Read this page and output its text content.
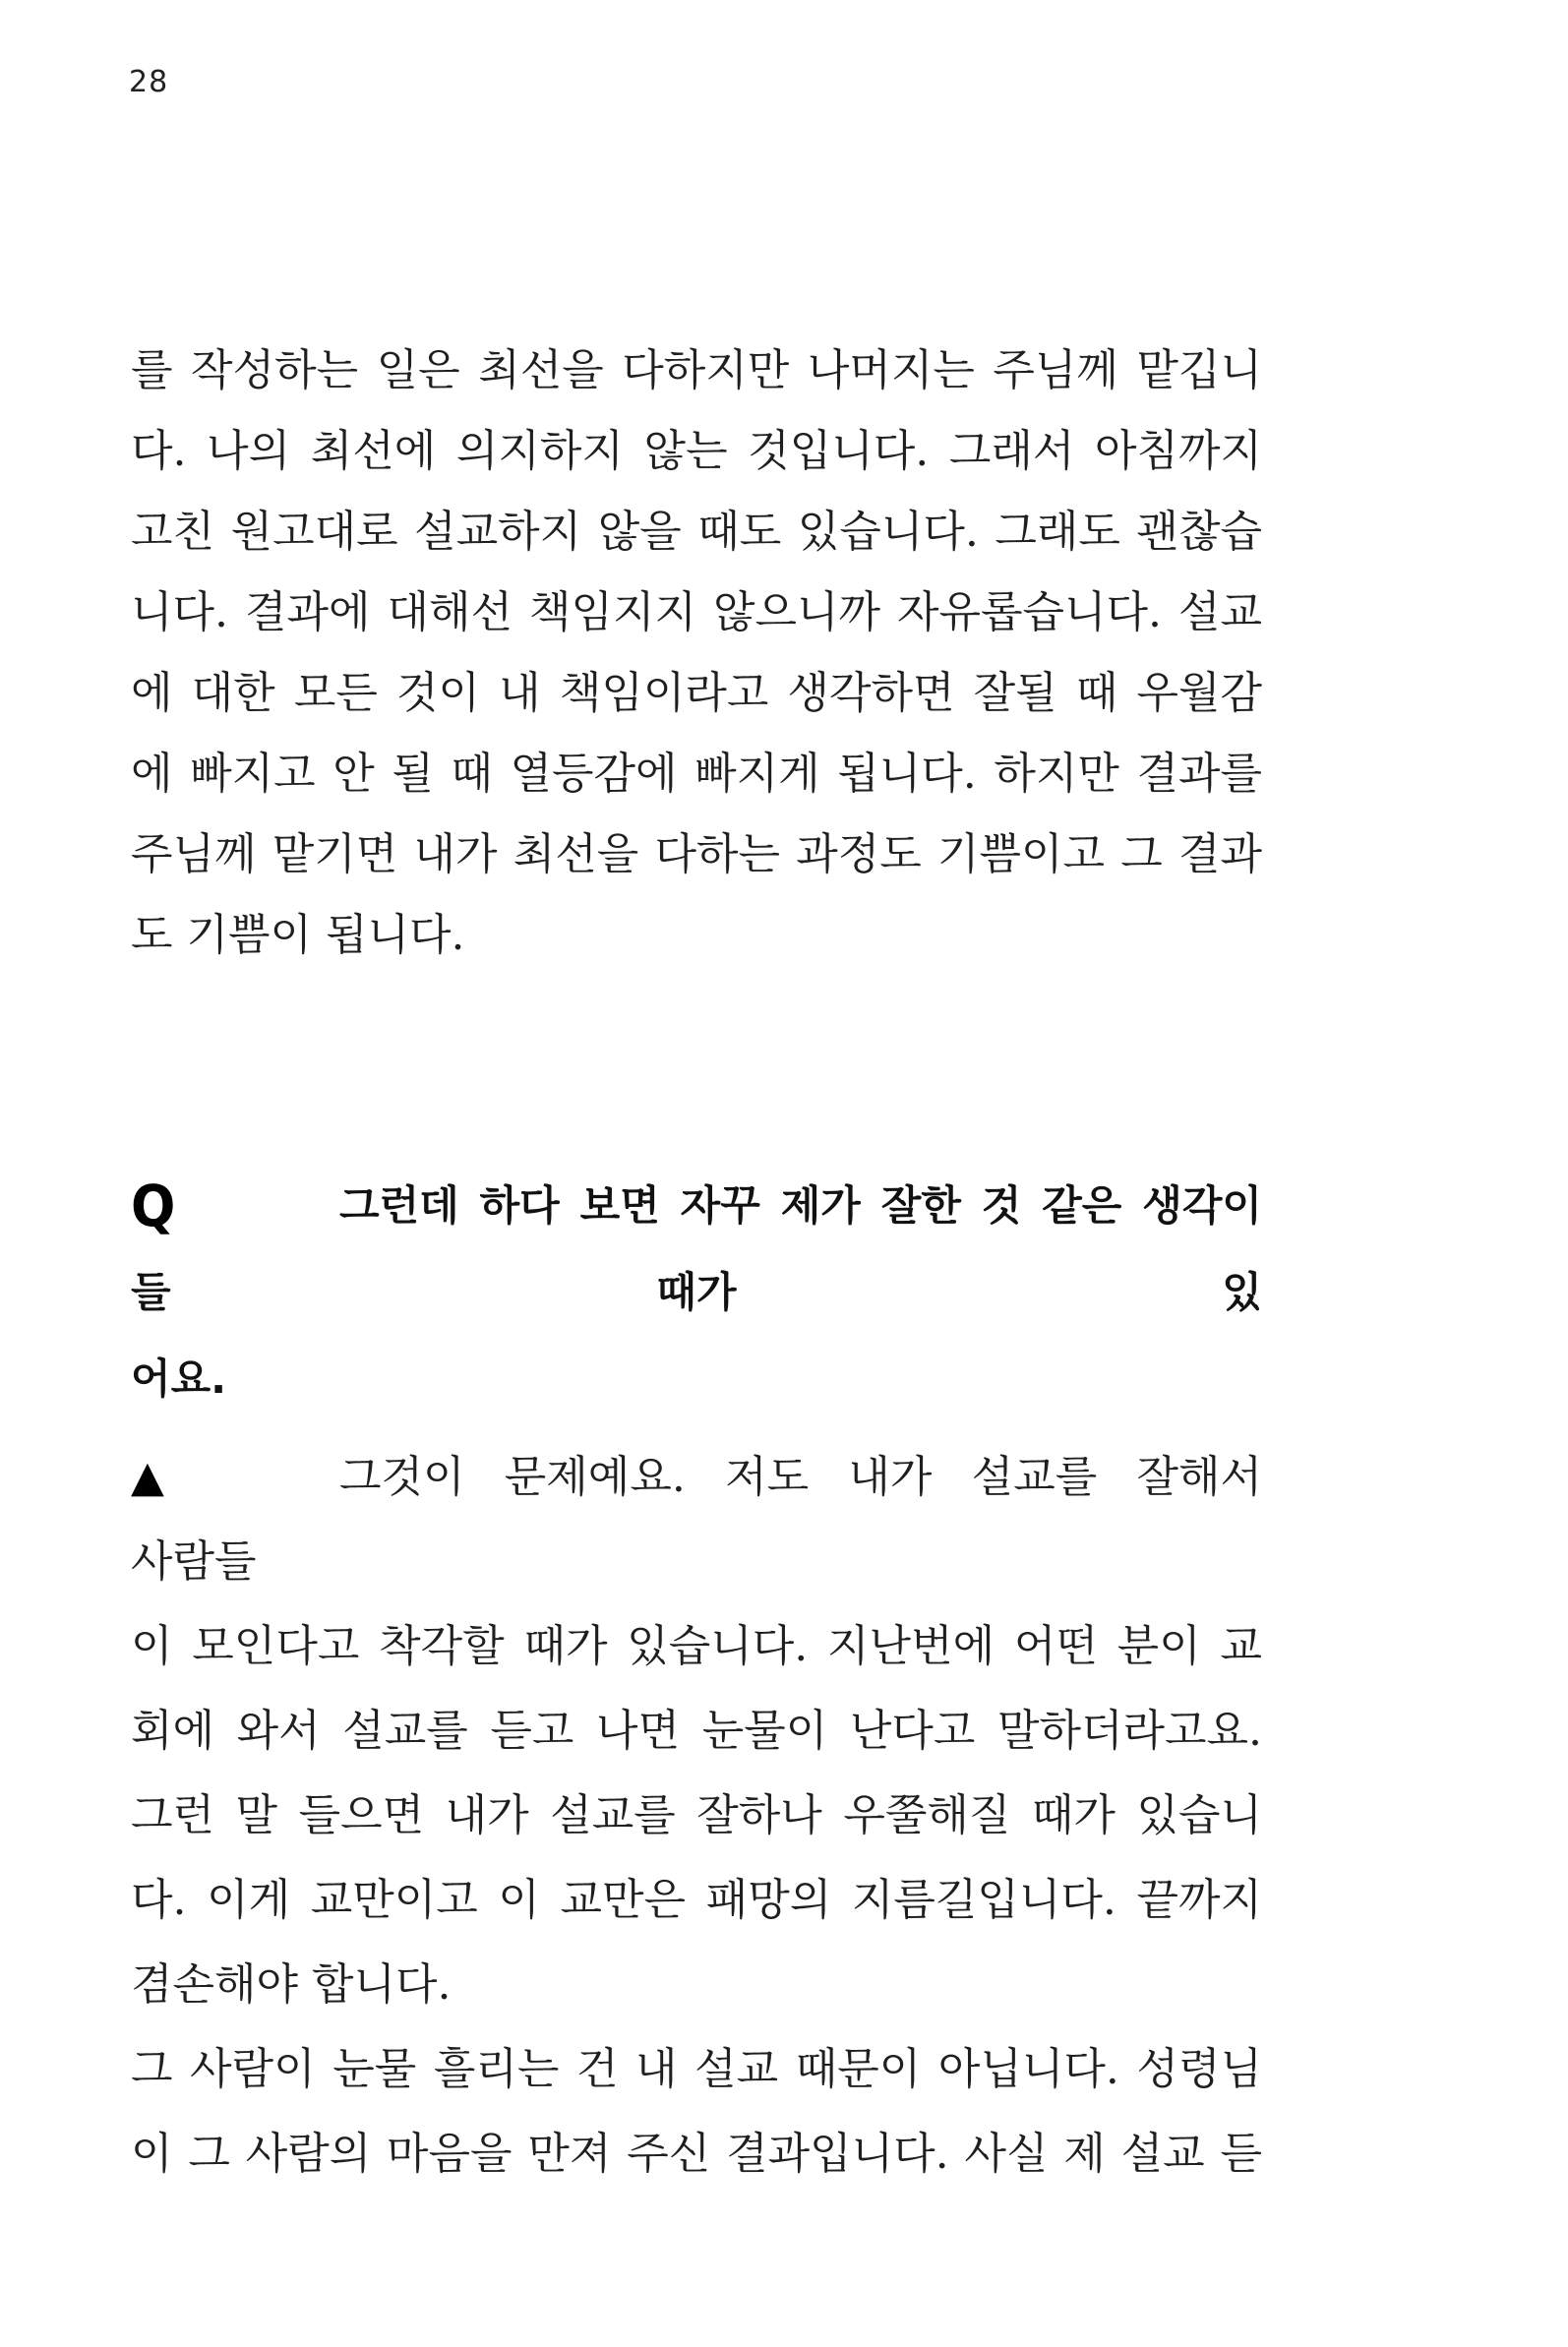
28
를 작성하는 일은 최선을 다하지만 나머지는 주님께 맡깁니
다. 나의 최선에 의지하지 않는 것입니다. 그래서 아침까지
고친 원고대로 설교하지 않을 때도 있습니다. 그래도 괜찮습
니다. 결과에 대해선 책임지지 않으니까 자유롭습니다. 설교
에 대한 모든 것이 내 책임이라고 생각하면 잘될 때 우월감
에 빠지고 안 될 때 열등감에 빠지게 됩니다. 하지만 결과를
주님께 맡기면 내가 최선을 다하는 과정도 기쁨이고 그 결과
도 기쁨이 됩니다.
Q	그런데 하다 보면 자꾸 제가 잘한 것 같은 생각이 들 때가 있
어요.
▲	그것이 문제예요. 저도 내가 설교를 잘해서 사람들
이 모인다고 착각할 때가 있습니다. 지난번에 어떤 분이 교
회에 와서 설교를 듣고 나면 눈물이 난다고 말하더라고요.
그런 말 들으면 내가 설교를 잘하나 우쭐해질 때가 있습니
다. 이게 교만이고 이 교만은 패망의 지름길입니다. 끝까지
겸손해야 합니다.
그 사람이 눈물 흘리는 건 내 설교 때문이 아닙니다. 성령님
이 그 사람의 마음을 만져 주신 결과입니다. 사실 제 설교 듣
